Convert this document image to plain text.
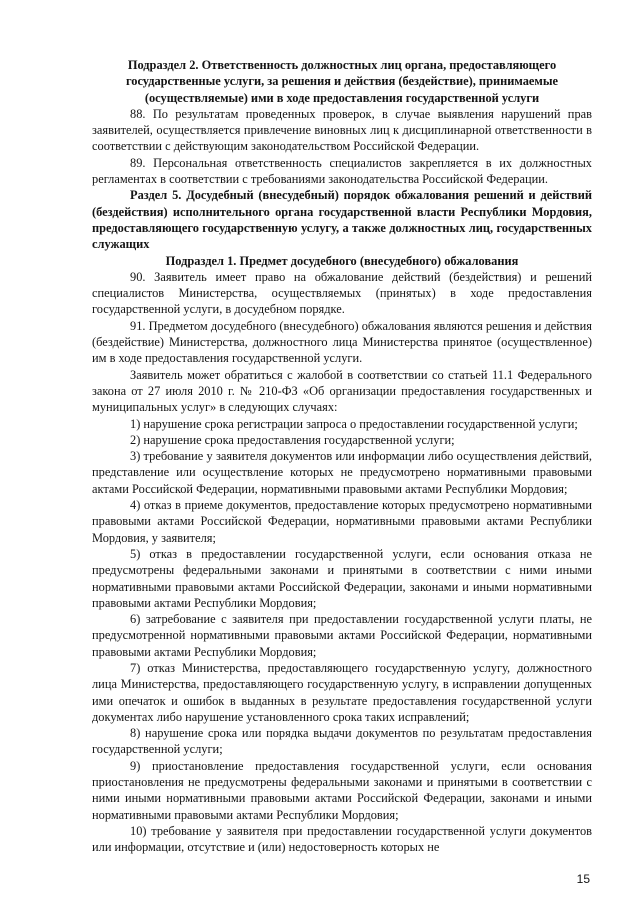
Подраздел 2. Ответственность должностных лиц органа, предоставляющего государственные услуги, за решения и действия (бездействие), принимаемые (осуществляемые) ими в ходе предоставления государственной услуги

88. По результатам проведенных проверок, в случае выявления нарушений прав заявителей, осуществляется привлечение виновных лиц к дисциплинарной ответственности в соответствии с действующим законодательством Российской Федерации.

89. Персональная ответственность специалистов закрепляется в их должностных регламентах в соответствии с требованиями законодательства Российской Федерации.

Раздел 5. Досудебный (внесудебный) порядок обжалования решений и действий (бездействия) исполнительного органа государственной власти Республики Мордовия, предоставляющего государственную услугу, а также должностных лиц, государственных служащих

Подраздел 1. Предмет досудебного (внесудебного) обжалования

90. Заявитель имеет право на обжалование действий (бездействия) и решений специалистов Министерства, осуществляемых (принятых) в ходе предоставления государственной услуги, в досудебном порядке.

91. Предметом досудебного (внесудебного) обжалования являются решения и действия (бездействие) Министерства, должностного лица Министерства принятое (осуществленное) им в ходе предоставления государственной услуги.

Заявитель может обратиться с жалобой в соответствии со статьей 11.1 Федерального закона от 27 июля 2010 г. № 210-ФЗ «Об организации предоставления государственных и муниципальных услуг» в следующих случаях:

1) нарушение срока регистрации запроса о предоставлении государственной услуги;

2) нарушение срока предоставления государственной услуги;

3) требование у заявителя документов или информации либо осуществления действий, представление или осуществление которых не предусмотрено нормативными правовыми актами Российской Федерации, нормативными правовыми актами Республики Мордовия;

4) отказ в приеме документов, предоставление которых предусмотрено нормативными правовыми актами Российской Федерации, нормативными правовыми актами Республики Мордовия, у заявителя;

5) отказ в предоставлении государственной услуги, если основания отказа не предусмотрены федеральными законами и принятыми в соответствии с ними иными нормативными правовыми актами Российской Федерации, законами и иными нормативными правовыми актами Республики Мордовия;

6) затребование с заявителя при предоставлении государственной услуги платы, не предусмотренной нормативными правовыми актами Российской Федерации, нормативными правовыми актами Республики Мордовия;

7) отказ Министерства, предоставляющего государственную услугу, должностного лица Министерства, предоставляющего государственную услугу, в исправлении допущенных ими опечаток и ошибок в выданных в результате предоставления государственной услуги документах либо нарушение установленного срока таких исправлений;

8) нарушение срока или порядка выдачи документов по результатам предоставления государственной услуги;

9) приостановление предоставления государственной услуги, если основания приостановления не предусмотрены федеральными законами и принятыми в соответствии с ними иными нормативными правовыми актами Российской Федерации, законами и иными нормативными правовыми актами Республики Мордовия;

10) требование у заявителя при предоставлении государственной услуги документов или информации, отсутствие и (или) недостоверность которых не

15
